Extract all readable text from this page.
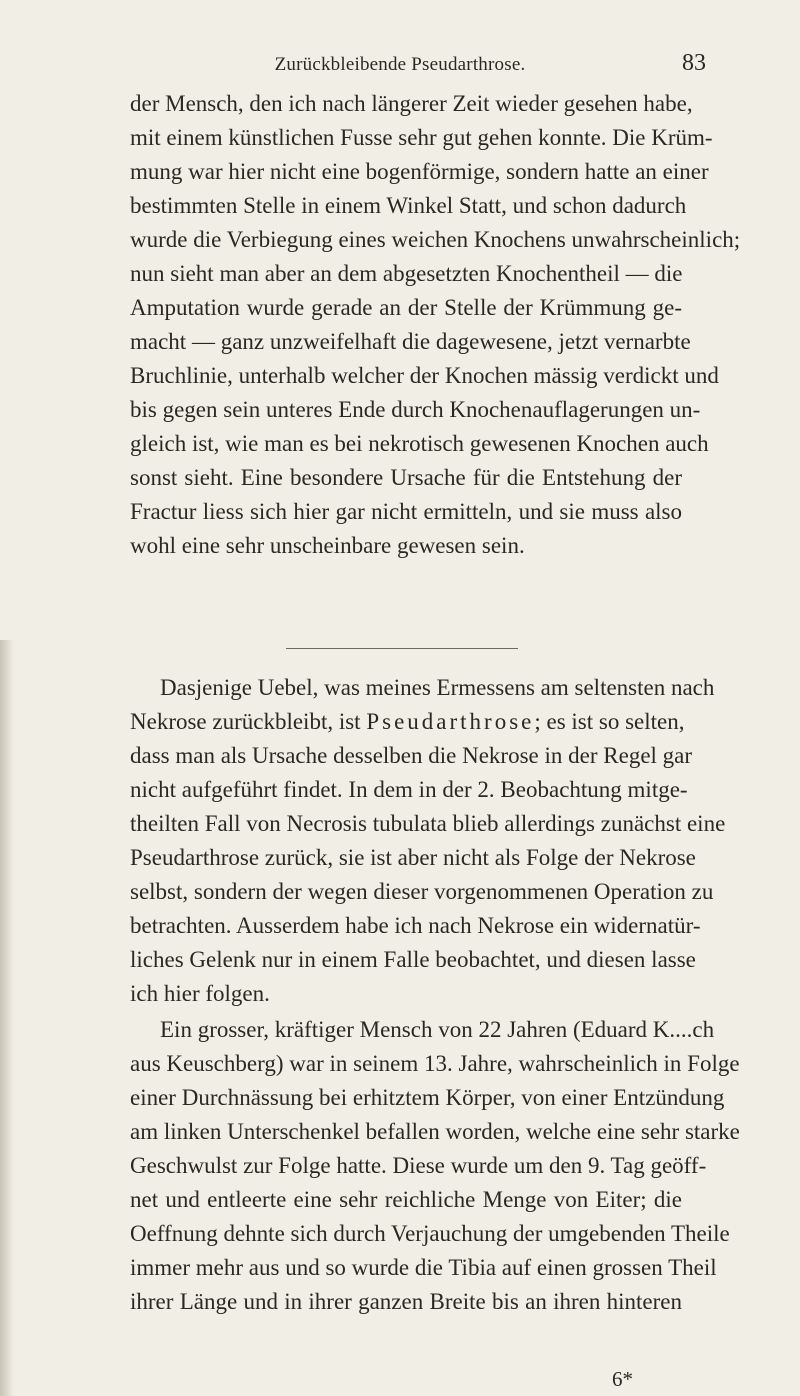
Zurückbleibende Pseudarthrose.	83
der Mensch, den ich nach längerer Zeit wieder gesehen habe,
mit einem künstlichen Fusse sehr gut gehen konnte. Die Krüm-
mung war hier nicht eine bogenförmige, sondern hatte an einer
bestimmten Stelle in einem Winkel Statt, und schon dadurch
wurde die Verbiegung eines weichen Knochens unwahrscheinlich;
nun sieht man aber an dem abgesetzten Knochentheil — die
Amputation wurde gerade an der Stelle der Krümmung ge-
macht — ganz unzweifelhaft die dagewesene, jetzt vernarbte
Bruchlinie, unterhalb welcher der Knochen mässig verdickt und
bis gegen sein unteres Ende durch Knochenauflagerungen un-
gleich ist, wie man es bei nekrotisch gewesenen Knochen auch
sonst sieht. Eine besondere Ursache für die Entstehung der
Fractur liess sich hier gar nicht ermitteln, und sie muss also
wohl eine sehr unscheinbare gewesen sein.
Dasjenige Uebel, was meines Ermessens am seltensten nach
Nekrose zurückbleibt, ist Pseudarthrose; es ist so selten,
dass man als Ursache desselben die Nekrose in der Regel gar
nicht aufgeführt findet. In dem in der 2. Beobachtung mitge-
theilten Fall von Necrosis tubulata blieb allerdings zunächst eine
Pseudarthrose zurück, sie ist aber nicht als Folge der Nekrose
selbst, sondern der wegen dieser vorgenommenen Operation zu
betrachten. Ausserdem habe ich nach Nekrose ein widernatür-
liches Gelenk nur in einem Falle beobachtet, und diesen lasse
ich hier folgen.
Ein grosser, kräftiger Mensch von 22 Jahren (Eduard K....ch
aus Keuschberg) war in seinem 13. Jahre, wahrscheinlich in Folge
einer Durchnässung bei erhitztem Körper, von einer Entzündung
am linken Unterschenkel befallen worden, welche eine sehr starke
Geschwulst zur Folge hatte. Diese wurde um den 9. Tag geöff-
net und entleerte eine sehr reichliche Menge von Eiter; die
Oeffnung dehnte sich durch Verjauchung der umgebenden Theile
immer mehr aus und so wurde die Tibia auf einen grossen Theil
ihrer Länge und in ihrer ganzen Breite bis an ihren hinteren
6*
